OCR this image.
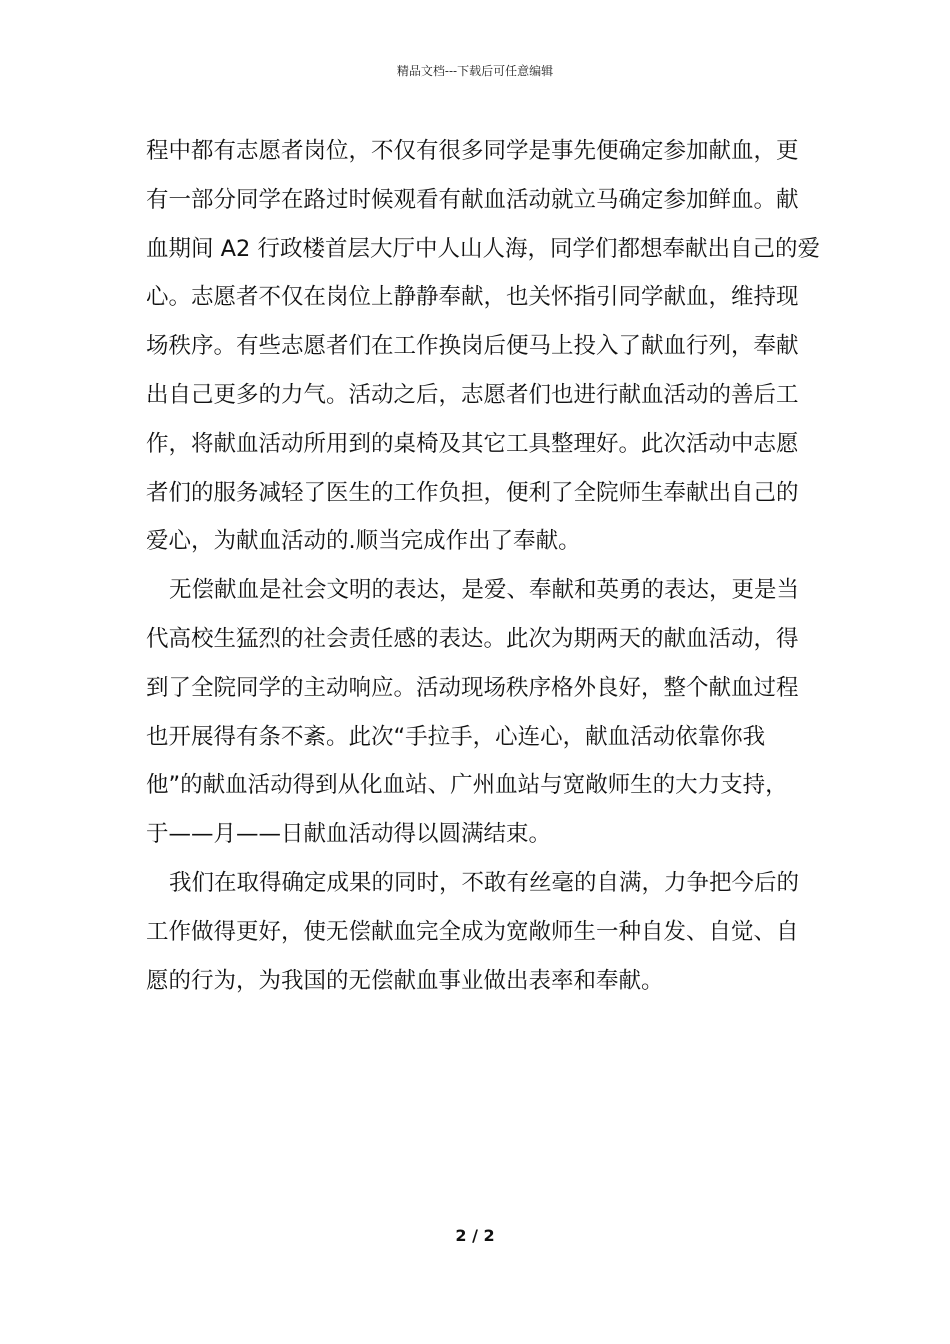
精品文档---下载后可任意编辑
程中都有志愿者岗位，不仅有很多同学是事先便确定参加献血，更
有一部分同学在路过时候观看有献血活动就立马确定参加鲜血。献
血期间 A2 行政楼首层大厅中人山人海，同学们都想奉献出自己的爱
心。志愿者不仅在岗位上静静奉献，也关怀指引同学献血，维持现
场秩序。有些志愿者们在工作换岗后便马上投入了献血行列，奉献
出自己更多的力气。活动之后，志愿者们也进行献血活动的善后工
作，将献血活动所用到的桌椅及其它工具整理好。此次活动中志愿
者们的服务减轻了医生的工作负担，便利了全院师生奉献出自己的
爱心，为献血活动的.顺当完成作出了奉献。
无偿献血是社会文明的表达，是爱、奉献和英勇的表达，更是当
代高校生猛烈的社会责任感的表达。此次为期两天的献血活动，得
到了全院同学的主动响应。活动现场秩序格外良好，整个献血过程
也开展得有条不紊。此次“手拉手，心连心，献血活动依靠你我
他”的献血活动得到从化血站、广州血站与宽敞师生的大力支持，
于——月——日献血活动得以圆满结束。
我们在取得确定成果的同时，不敢有丝毫的自满，力争把今后的
工作做得更好，使无偿献血完全成为宽敞师生一种自发、自觉、自
愿的行为，为我国的无偿献血事业做出表率和奉献。
2 / 2
